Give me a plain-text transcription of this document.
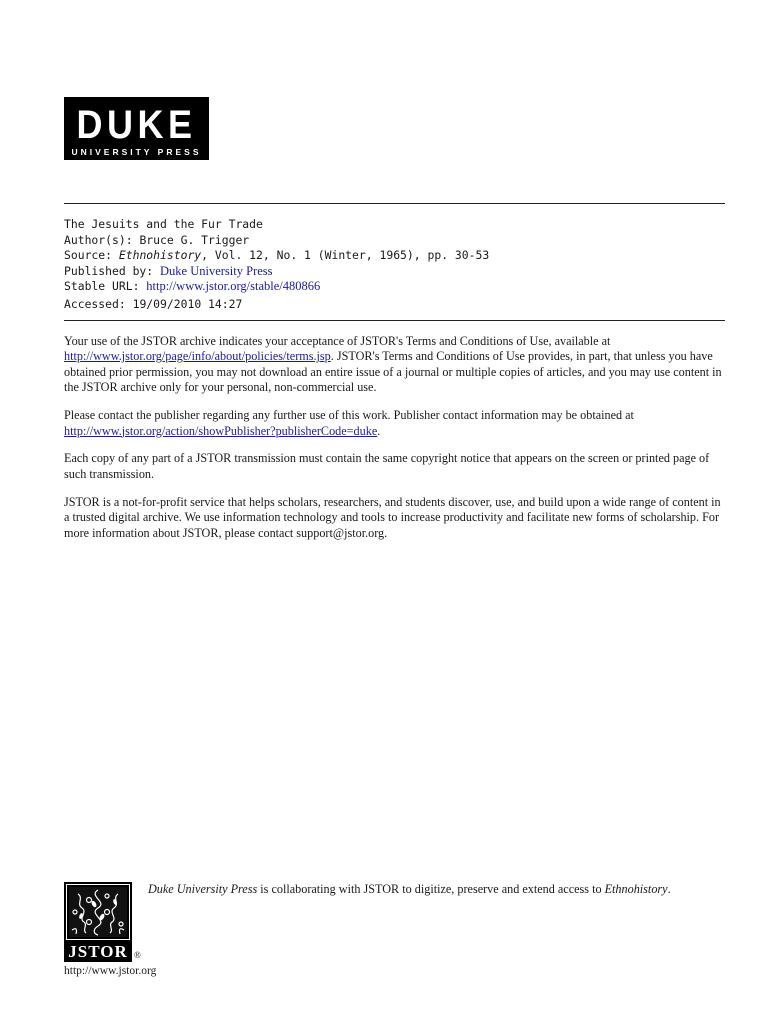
DUKE
UNIVERSITY PRESS
The Jesuits and the Fur Trade
Author(s): Bruce G. Trigger
Source: Ethnohistory, Vol. 12, No. 1 (Winter, 1965), pp. 30-53
Published by: Duke University Press
Stable URL: http://www.jstor.org/stable/480866
Accessed: 19/09/2010 14:27

Your use of the JSTOR archive indicates your acceptance of JSTOR's Terms and Conditions of Use, available at
http://www.jstor.org/page/info/about/policies/terms.jsp. JSTOR's Terms and Conditions of Use provides, in part, that unless you have obtained prior permission, you may not download an entire issue of a journal or multiple copies of articles, and you may use content in the JSTOR archive only for your personal, non-commercial use.

Please contact the publisher regarding any further use of this work. Publisher contact information may be obtained at
http://www.jstor.org/action/showPublisher?publisherCode=duke.

Each copy of any part of a JSTOR transmission must contain the same copyright notice that appears on the screen or printed page of such transmission.

JSTOR is a not-for-profit service that helps scholars, researchers, and students discover, use, and build upon a wide range of content in a trusted digital archive. We use information technology and tools to increase productivity and facilitate new forms of scholarship. For more information about JSTOR, please contact support@jstor.org.

JSTOR ®
http://www.jstor.org
Duke University Press is collaborating with JSTOR to digitize, preserve and extend access to Ethnohistory.
